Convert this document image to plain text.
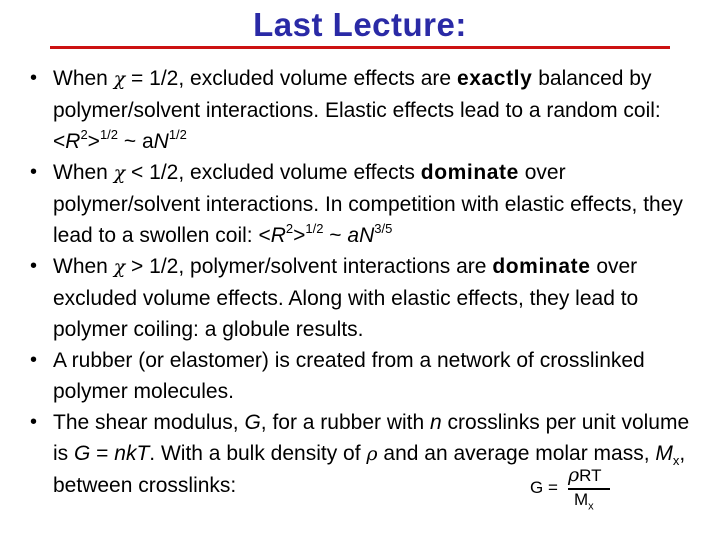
Last Lecture:
• When χ = 1/2, excluded volume effects are exactly balanced by polymer/solvent interactions. Elastic effects lead to a random coil: $<R^2>^{1/2}$ ~ $aN^{1/2}$
• When χ < 1/2, excluded volume effects dominate over polymer/solvent interactions. In competition with elastic effects, they lead to a swollen coil: $<R^2>^{1/2}$ ~ $aN^{3/5}$
• When χ > 1/2, polymer/solvent interactions are dominate over excluded volume effects. Along with elastic effects, they lead to polymer coiling: a globule results.
• A rubber (or elastomer) is created from a network of crosslinked polymer molecules.
• The shear modulus, G, for a rubber with n crosslinks per unit volume is G = nkT. With a bulk density of ρ and an average molar mass, $M_x$, between crosslinks:	G =
ρRT
$M_x$
